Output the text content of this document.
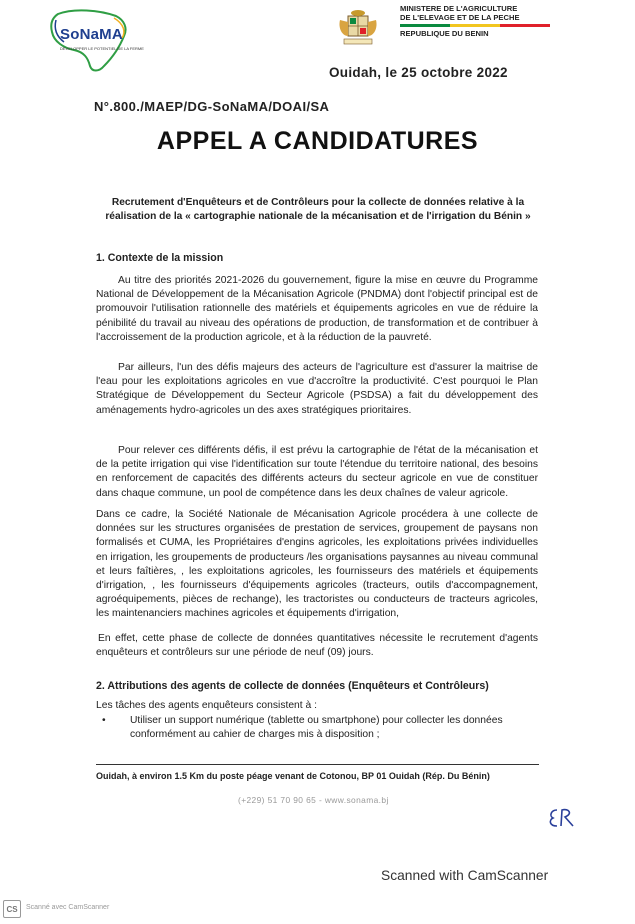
SoNaMA
DEVELOPPER LE POTENTIEL DE LA FERME
MINISTERE DE L'AGRICULTURE
DE L'ELEVAGE ET DE LA PECHE
REPUBLIQUE DU BENIN
Ouidah, le 25 octobre 2022
N°.800./MAEP/DG-SoNaMA/DOAI/SA
APPEL A CANDIDATURES
Recrutement d'Enquêteurs et de Contrôleurs pour la collecte de données relative à la réalisation de la « cartographie nationale de la mécanisation et de l'irrigation du Bénin »
1. Contexte de la mission
Au titre des priorités 2021-2026 du gouvernement, figure la mise en œuvre du Programme National de Développement de la Mécanisation Agricole (PNDMA) dont l'objectif principal est de promouvoir l'utilisation rationnelle des matériels et équipements agricoles en vue de réduire la pénibilité du travail au niveau des opérations de production, de transformation et de contribuer à l'accroissement de la production agricole, et à la réduction de la pauvreté.
Par ailleurs, l'un des défis majeurs des acteurs de l'agriculture est d'assurer la maitrise de l'eau pour les exploitations agricoles en vue d'accroître la productivité. C'est pourquoi le Plan Stratégique de Développement du Secteur Agricole (PSDSA) a fait du développement des aménagements hydro-agricoles un des axes stratégiques prioritaires.
Pour relever ces différents défis, il est prévu la cartographie de l'état de la mécanisation et de la petite irrigation qui vise l'identification sur toute l'étendue du territoire national, des besoins en renforcement de capacités des différents acteurs du secteur agricole en vue de constituer dans chaque commune, un pool de compétence dans les deux chaînes de valeur agricole.
Dans ce cadre, la Société Nationale de Mécanisation Agricole procédera à une collecte de données sur les structures organisées de prestation de services, groupement de paysans non formalisés et CUMA, les Propriétaires d'engins agricoles, les exploitations privées individuelles en irrigation, les groupements de producteurs /les organisations paysannes au niveau communal et leurs faîtières, , les exploitations agricoles, les fournisseurs des matériels et équipements d'irrigation, , les fournisseurs d'équipements agricoles (tracteurs, outils d'accompagnement, agroéquipements, pièces de rechange), les tractoristes ou conducteurs de tracteurs agricoles, les maintenanciers machines agricoles et équipements d'irrigation,
En effet, cette phase de collecte de données quantitatives nécessite le recrutement d'agents enquêteurs et contrôleurs sur une période de neuf (09) jours.
2. Attributions des agents de collecte de données (Enquêteurs et Contrôleurs)
Les tâches des agents enquêteurs consistent à :
•	Utiliser un support numérique (tablette ou smartphone) pour collecter les données conformément au cahier de charges mis à disposition ;
Ouidah, à environ 1.5 Km du poste péage venant de Cotonou, BP 01 Ouidah (Rép. Du Bénin)
(+229) 51 70 90 65 - www.sonama.bj
Scanned with CamScanner
CS	Scanné avec CamScanner
